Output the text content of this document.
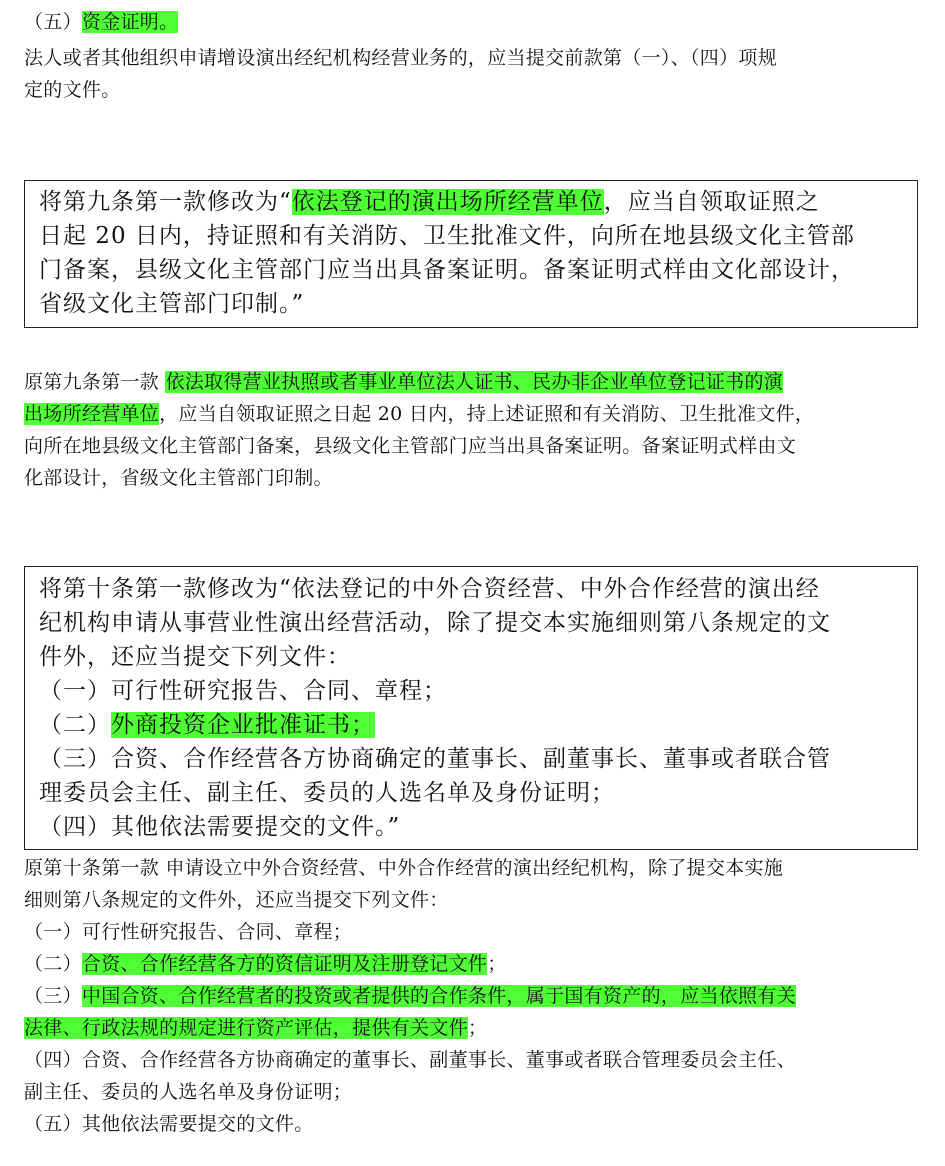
（五）资金证明。
法人或者其他组织申请增设演出经纪机构经营业务的，应当提交前款第（一）、（四）项规
定的文件。
将第九条第一款修改为“依法登记的演出场所经营单位，应当自领取证照之
日起 20 日内，持证照和有关消防、卫生批准文件，向所在地县级文化主管部
门备案，县级文化主管部门应当出具备案证明。备案证明式样由文化部设计，
省级文化主管部门印制。”
原第九条第一款 依法取得营业执照或者事业单位法人证书、民办非企业单位登记证书的演
出场所经营单位，应当自领取证照之日起 20 日内，持上述证照和有关消防、卫生批准文件，
向所在地县级文化主管部门备案，县级文化主管部门应当出具备案证明。备案证明式样由文
化部设计，省级文化主管部门印制。
将第十条第一款修改为“依法登记的中外合资经营、中外合作经营的演出经
纪机构申请从事营业性演出经营活动，除了提交本实施细则第八条规定的文
件外，还应当提交下列文件：
（一）可行性研究报告、合同、章程；
（二）外商投资企业批准证书；
（三）合资、合作经营各方协商确定的董事长、副董事长、董事或者联合管
理委员会主任、副主任、委员的人选名单及身份证明；
（四）其他依法需要提交的文件。”
原第十条第一款 申请设立中外合资经营、中外合作经营的演出经纪机构，除了提交本实施
细则第八条规定的文件外，还应当提交下列文件：
（一）可行性研究报告、合同、章程；
（二）合资、合作经营各方的资信证明及注册登记文件；
（三）中国合资、合作经营者的投资或者提供的合作条件，属于国有资产的，应当依照有关
法律、行政法规的规定进行资产评估，提供有关文件；
（四）合资、合作经营各方协商确定的董事长、副董事长、董事或者联合管理委员会主任、
副主任、委员的人选名单及身份证明；
（五）其他依法需要提交的文件。
